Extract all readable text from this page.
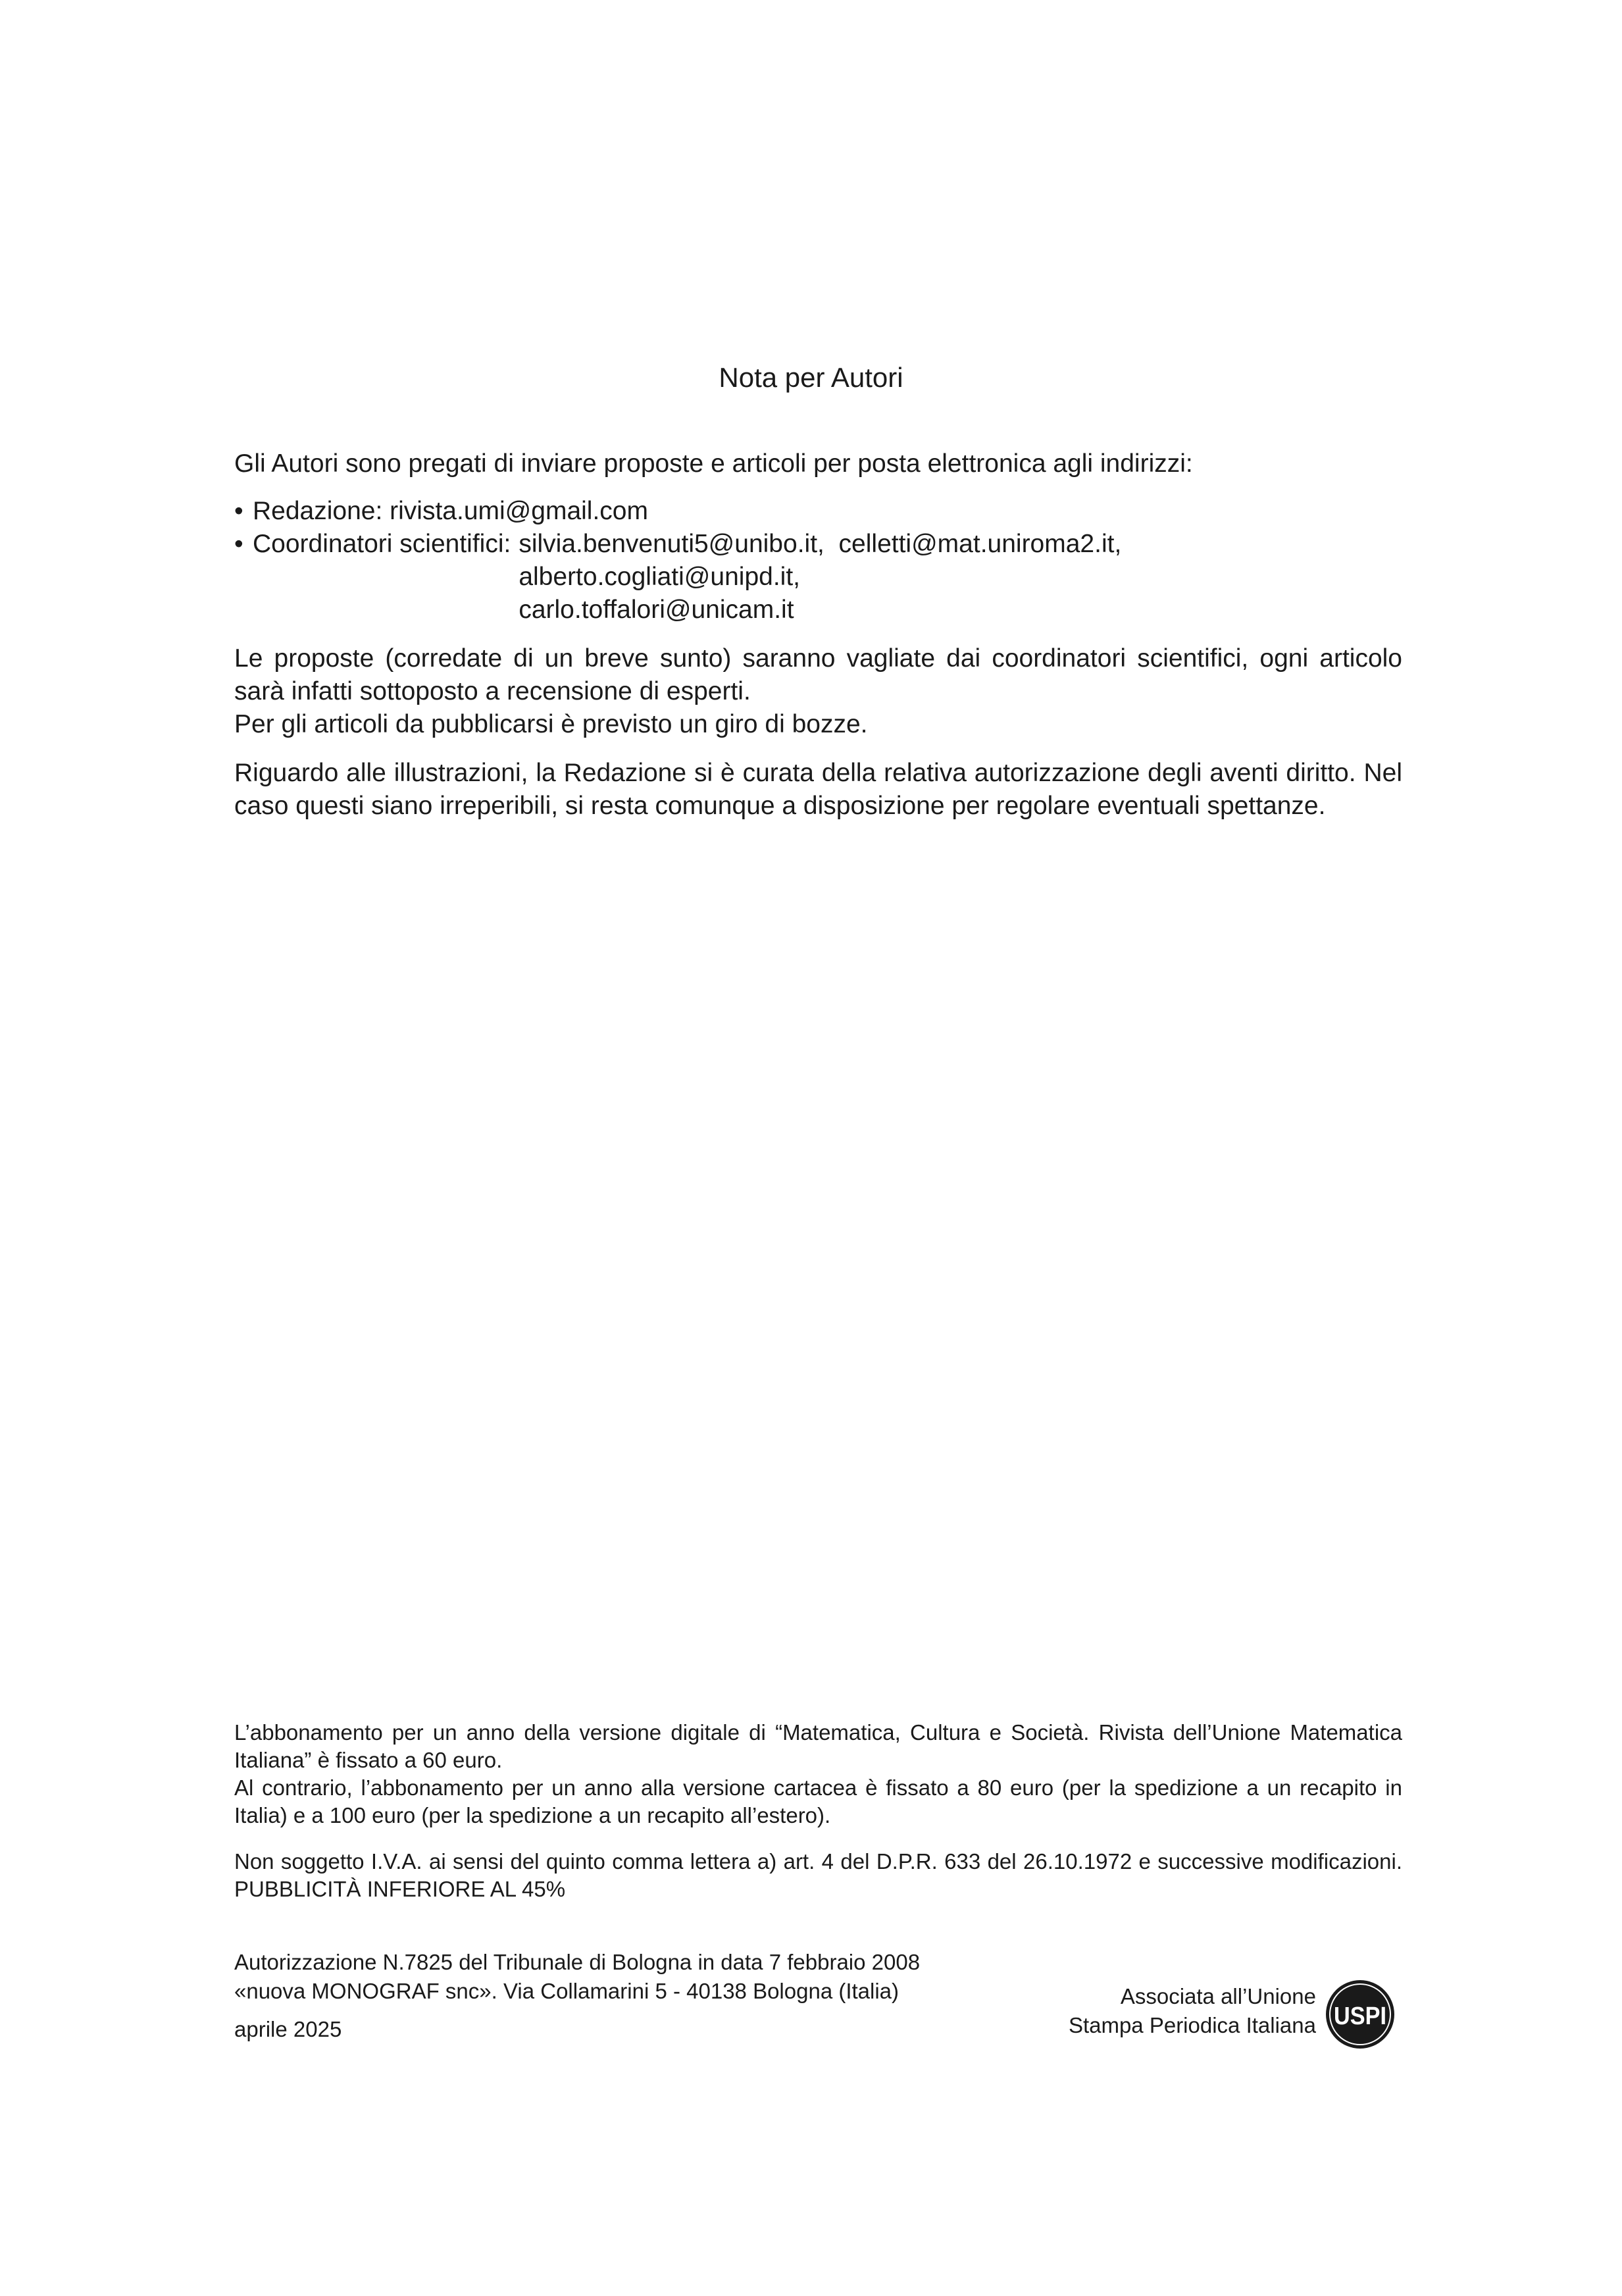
Nota per Autori

Gli Autori sono pregati di inviare proposte e articoli per posta elettronica agli indirizzi:

• Redazione: rivista.umi@gmail.com
• Coordinatori scientifici: silvia.benvenuti5@unibo.it, celletti@mat.uniroma2.it,  alberto.cogliati@unipd.it,
carlo.toffalori@unicam.it

Le proposte (corredate di un breve sunto) saranno vagliate dai coordinatori scientifici, ogni articolo sarà infatti sottoposto a recensione di esperti.

Per gli articoli da pubblicarsi è previsto un giro di bozze.

Riguardo alle illustrazioni, la Redazione si è curata della relativa autorizzazione degli aventi diritto. Nel caso questi siano irreperibili, si resta comunque a disposizione per regolare eventuali spettanze.

L’abbonamento per un anno della versione digitale di “Matematica, Cultura e Società. Rivista dell’Unione Matematica Italiana” è fissato a 60 euro.

Al contrario, l’abbonamento per un anno alla versione cartacea è fissato a 80 euro (per la spedizione a un recapito in Italia) e a 100 euro (per la spedizione a un recapito all’estero).

Non soggetto I.V.A. ai sensi del quinto comma lettera a) art. 4 del D.P.R. 633 del 26.10.1972 e successive modificazioni. PUBBLICITÀ INFERIORE AL 45%

Autorizzazione N.7825 del Tribunale di Bologna in data 7 febbraio 2008

«nuova MONOGRAF snc». Via Collamarini 5 - 40138 Bologna (Italia)

aprile 2025

Associata all’Unione

Stampa Periodica Italiana USPI
